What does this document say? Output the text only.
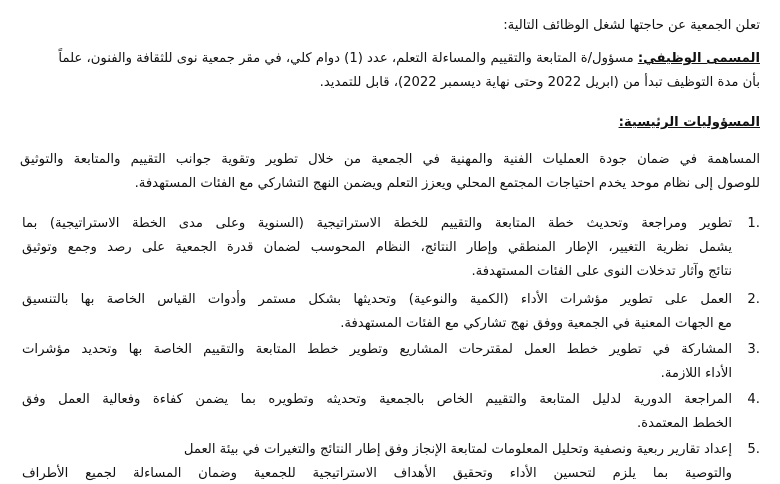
تعلن الجمعية عن حاجتها لشغل الوظائف التالية:
المسمى الوظيفي: مسؤول/ة المتابعة والتقييم والمساءلة التعلم، عدد (1) دوام كلي، في مقر جمعية نوى للثقافة والفنون، علماً
بأن مدة التوظيف تبدأ من (ابريل 2022 وحتى نهاية ديسمبر 2022)، قابل للتمديد.
المسؤوليات الرئيسية:
المساهمة في ضمان جودة العمليات الفنية والمهنية في الجمعية من خلال تطوير وتقوية جوانب التقييم والمتابعة والتوثيق
للوصول إلى نظام موحد يخدم احتياجات المجتمع المحلي ويعزز التعلم ويضمن النهج التشاركي مع الفئات المستهدفة.
1.
تطوير ومراجعة وتحديث خطة المتابعة والتقييم للخطة الاستراتيجية (السنوية وعلى مدى الخطة الاستراتيجية) بما
يشمل نظرية التغيير، الإطار المنطقي وإطار النتائج، النظام المحوسب لضمان قدرة الجمعية على رصد وجمع وتوثيق
نتائج وآثار تدخلات النوى على الفئات المستهدفة.
2.
العمل على تطوير مؤشرات الأداء (الكمية والنوعية) وتحديثها بشكل مستمر وأدوات القياس الخاصة بها بالتنسيق
مع الجهات المعنية في الجمعية ووفق نهج تشاركي مع الفئات المستهدفة.
3.
المشاركة في تطوير خطط العمل لمقترحات المشاريع وتطوير خطط المتابعة والتقييم الخاصة بها وتحديد مؤشرات
الأداء اللازمة.
4.
المراجعة الدورية لدليل المتابعة والتقييم الخاص بالجمعية وتحديثه وتطويره بما يضمن كفاءة وفعالية العمل وفق
الخطط المعتمدة.
5.
إعداد تقارير ربعية ونصفية وتحليل المعلومات لمتابعة الإنجاز وفق إطار النتائج والتغيرات في بيئة العمل
والتوصية بما يلزم لتحسين الأداء وتحقيق الأهداف الاستراتيجية للجمعية وضمان المساءلة لجميع الأطراف
